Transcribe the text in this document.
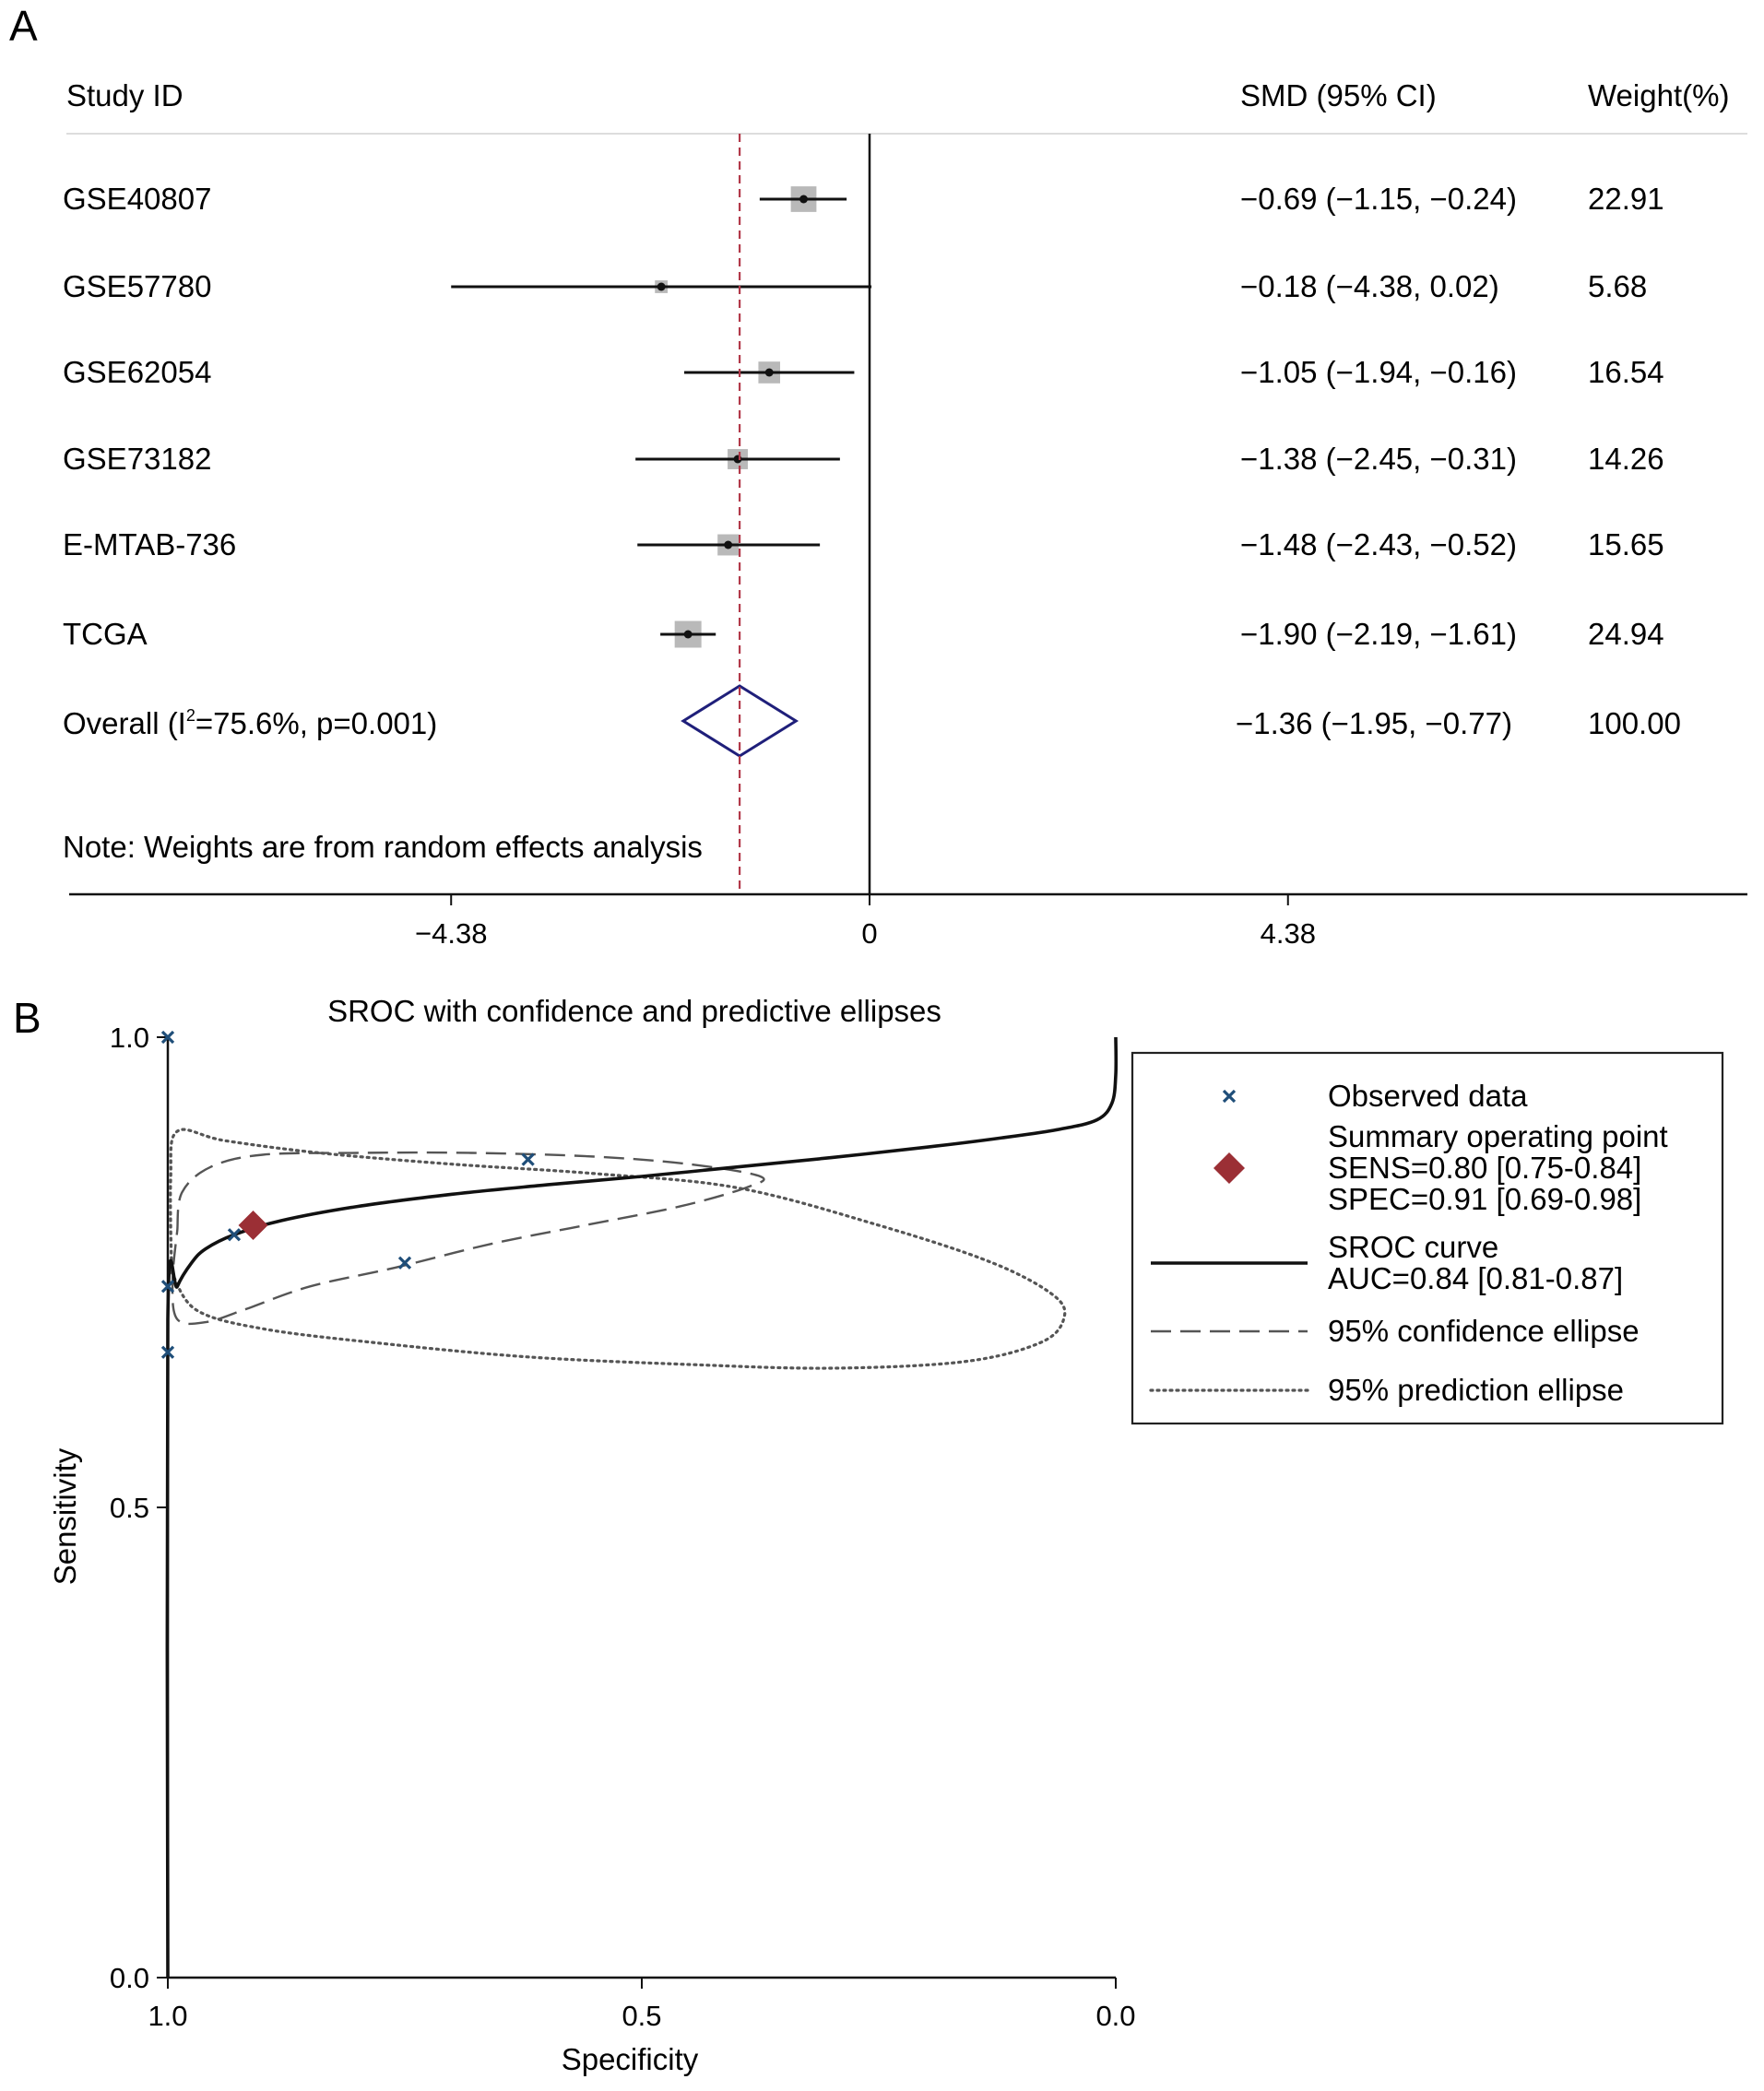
A
Study ID	SMD (95% CI)	Weight(%)
GSE40807	−0.69 (−1.15, −0.24) 22.91
GSE57780	−0.18 (−4.38, 0.02)	5.68
GSE62054	−1.05 (−1.94, −0.16) 16.54
GSE73182	−1.38 (−2.45, −0.31) 14.26
E-MTAB-736	−1.48 (−2.43, −0.52) 15.65
TCGA	−1.90 (−2.19, −1.61) 24.94
Overall ($I^2=75.6\%$, p=0.001)	−1.36 (−1.95, −0.77) 100.00
Note: Weights are from random effects analysis
−4.38	0	4.38
B	SROC with confidence and predictive ellipses
1.0	0.5	0.0
1.0
0.5
0.0
Specificity
Sensitivity
Observed data
Summary operating point
SENS=0.80 [0.75-0.84]
SPEC=0.91 [0.69-0.98]
SROC curve
AUC=0.84 [0.81-0.87]
95% confidence ellipse
95% prediction ellipse
